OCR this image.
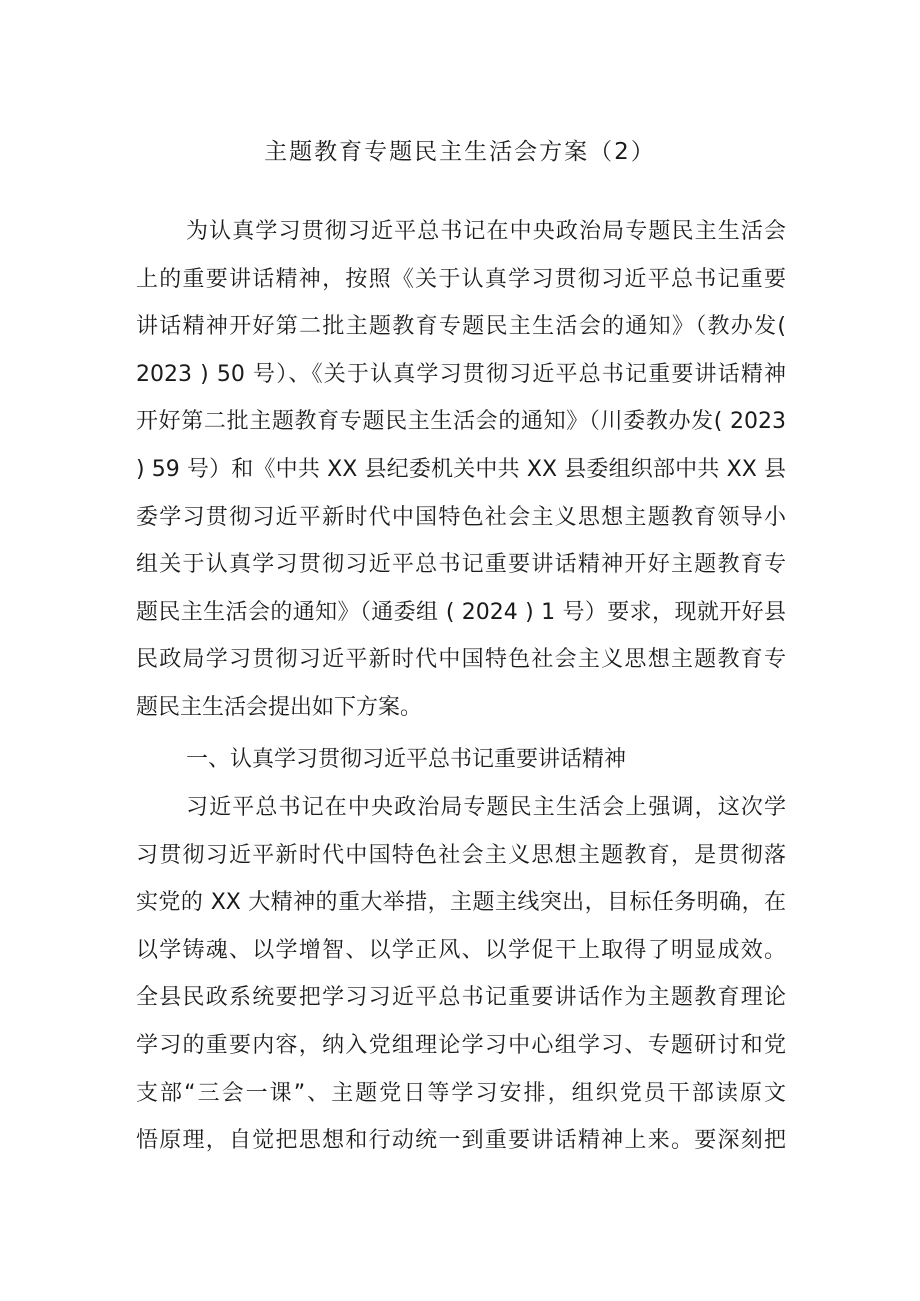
主题教育专题民主生活会方案（2）
为认真学习贯彻习近平总书记在中央政治局专题民主生活会
上的重要讲话精神，按照《关于认真学习贯彻习近平总书记重要
讲话精神开好第二批主题教育专题民主生活会的通知》（教办发(
2023 ) 50 号）、《关于认真学习贯彻习近平总书记重要讲话精神
开好第二批主题教育专题民主生活会的通知》（川委教办发( 2023
) 59 号）和《中共 XX 县纪委机关中共 XX 县委组织部中共 XX 县
委学习贯彻习近平新时代中国特色社会主义思想主题教育领导小
组关于认真学习贯彻习近平总书记重要讲话精神开好主题教育专
题民主生活会的通知》（通委组 ( 2024 ) 1 号）要求，现就开好县
民政局学习贯彻习近平新时代中国特色社会主义思想主题教育专
题民主生活会提出如下方案。
一、认真学习贯彻习近平总书记重要讲话精神
习近平总书记在中央政治局专题民主生活会上强调，这次学
习贯彻习近平新时代中国特色社会主义思想主题教育，是贯彻落
实党的 XX 大精神的重大举措，主题主线突出，目标任务明确，在
以学铸魂、以学增智、以学正风、以学促干上取得了明显成效。
全县民政系统要把学习习近平总书记重要讲话作为主题教育理论
学习的重要内容，纳入党组理论学习中心组学习、专题研讨和党
支部“三会一课”、主题党日等学习安排，组织党员干部读原文
悟原理，自觉把思想和行动统一到重要讲话精神上来。要深刻把
